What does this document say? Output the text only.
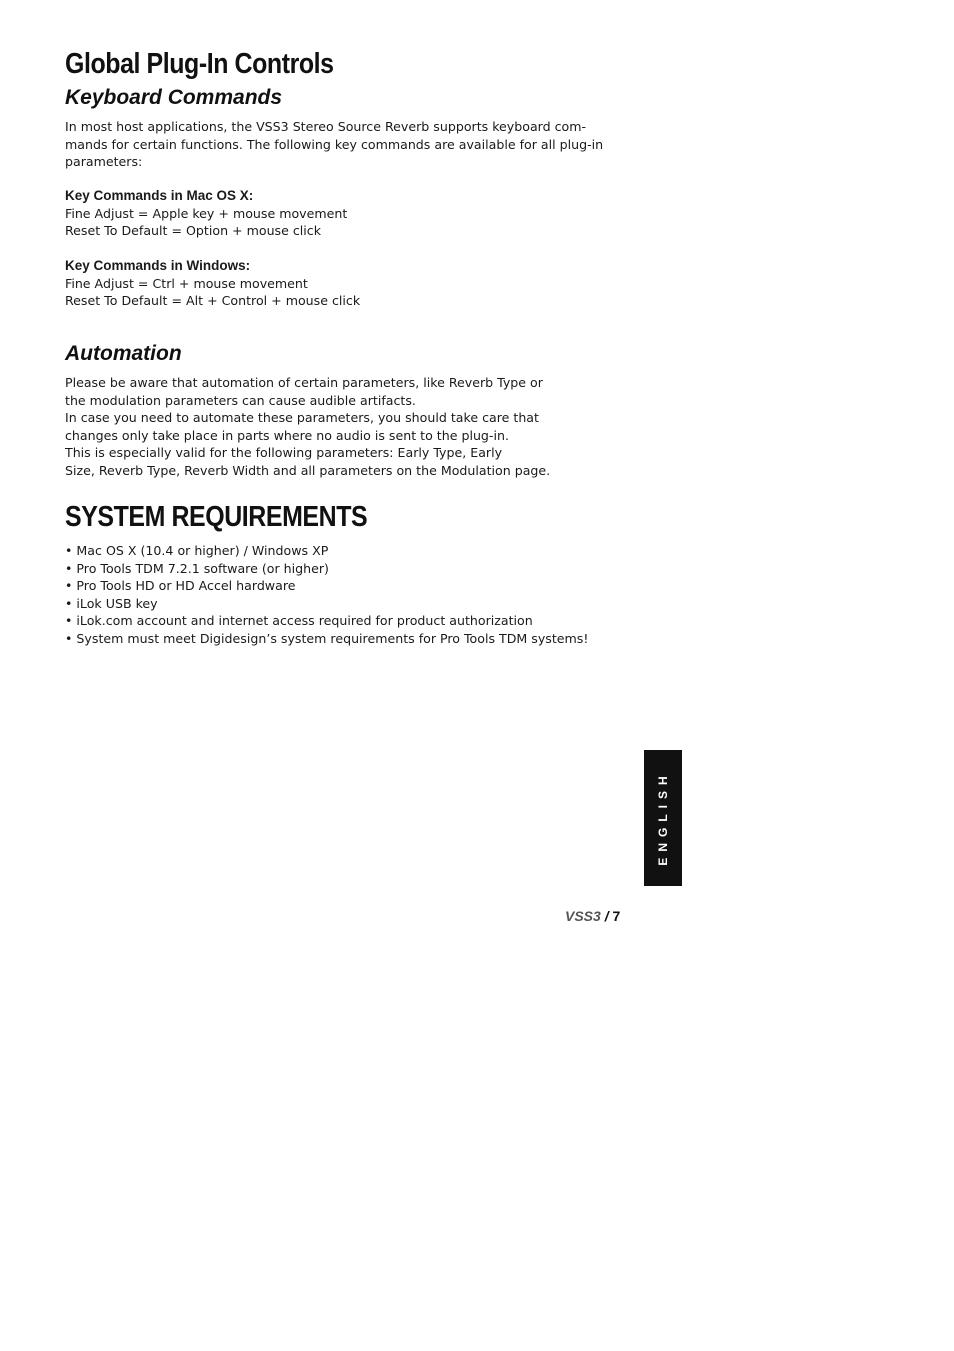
Global Plug-In Controls
Keyboard Commands
In most host applications, the VSS3 Stereo Source Reverb supports keyboard com-
mands for certain functions. The following key commands are available for all plug-in
parameters:
Key Commands in Mac OS X:
Fine Adjust = Apple key + mouse movement
Reset To Default = Option + mouse click
Key Commands in Windows:
Fine Adjust = Ctrl + mouse movement
Reset To Default = Alt + Control + mouse click
Automation
Please be aware that automation of certain parameters, like Reverb Type or
the modulation parameters can cause audible artifacts.
In case you need to automate these parameters, you should take care that
changes only take place in parts where no audio is sent to the plug-in.
This is especially valid for the following parameters: Early Type, Early
Size, Reverb Type, Reverb Width and all parameters on the Modulation page.
SYSTEM REQUIREMENTS
• Mac OS X (10.4 or higher) / Windows XP
• Pro Tools TDM 7.2.1 software (or higher)
• Pro Tools HD or HD Accel hardware
• iLok USB key
• iLok.com account and internet access required for product authorization
• System must meet Digidesign’s system requirements for Pro Tools TDM systems!
ENGLISH
VSS3 / 7
